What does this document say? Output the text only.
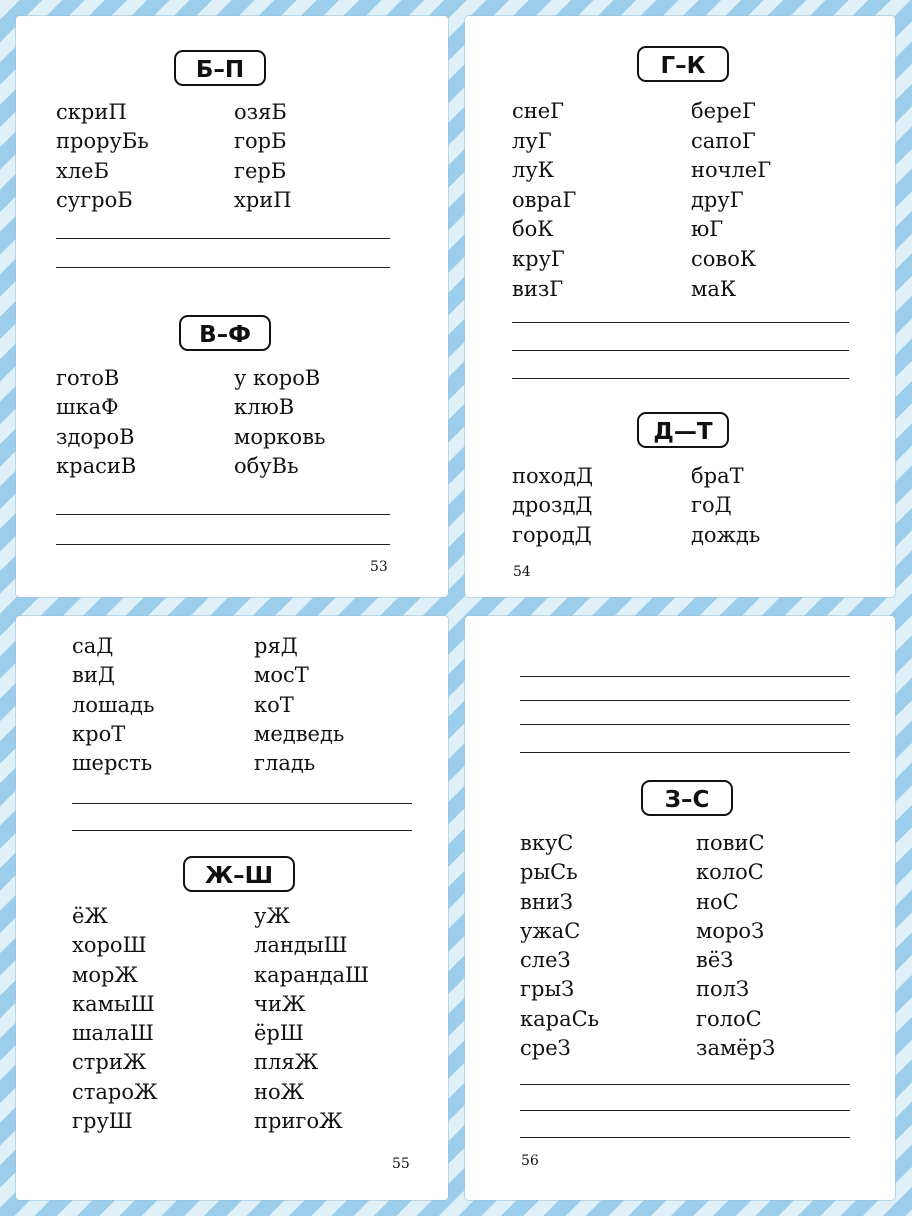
Б–П
скриП
проруБь
хлеБ
сугроБ
озяБ
горБ
герБ
хриП
В–Ф
готоВ
шкаФ
здороВ
красиВ
у короВ
клюВ
морковь
обуВь
53
Г–К
снеГ
луГ
луК
овраГ
боК
круГ
визГ
береГ
сапоГ
ночлеГ
друГ
юГ
совоК
маК
Д—Т
походД
дроздД
городД
браТ
гоД
дождь
54
саД
виД
лошадь
кроТ
шерсть
ряД
мосТ
коТ
медведь
гладь
Ж–Ш
ёЖ
хороШ
морЖ
камыШ
шалаШ
стриЖ
староЖ
груШ
уЖ
ландыШ
карандаШ
чиЖ
ёрШ
пляЖ
ноЖ
пригоЖ
55
З–С
вкуС
рыСь
вниЗ
ужаС
слеЗ
грыЗ
караСь
среЗ
повиС
колоС
ноС
мороЗ
вёЗ
полЗ
голоС
замёрЗ
56
